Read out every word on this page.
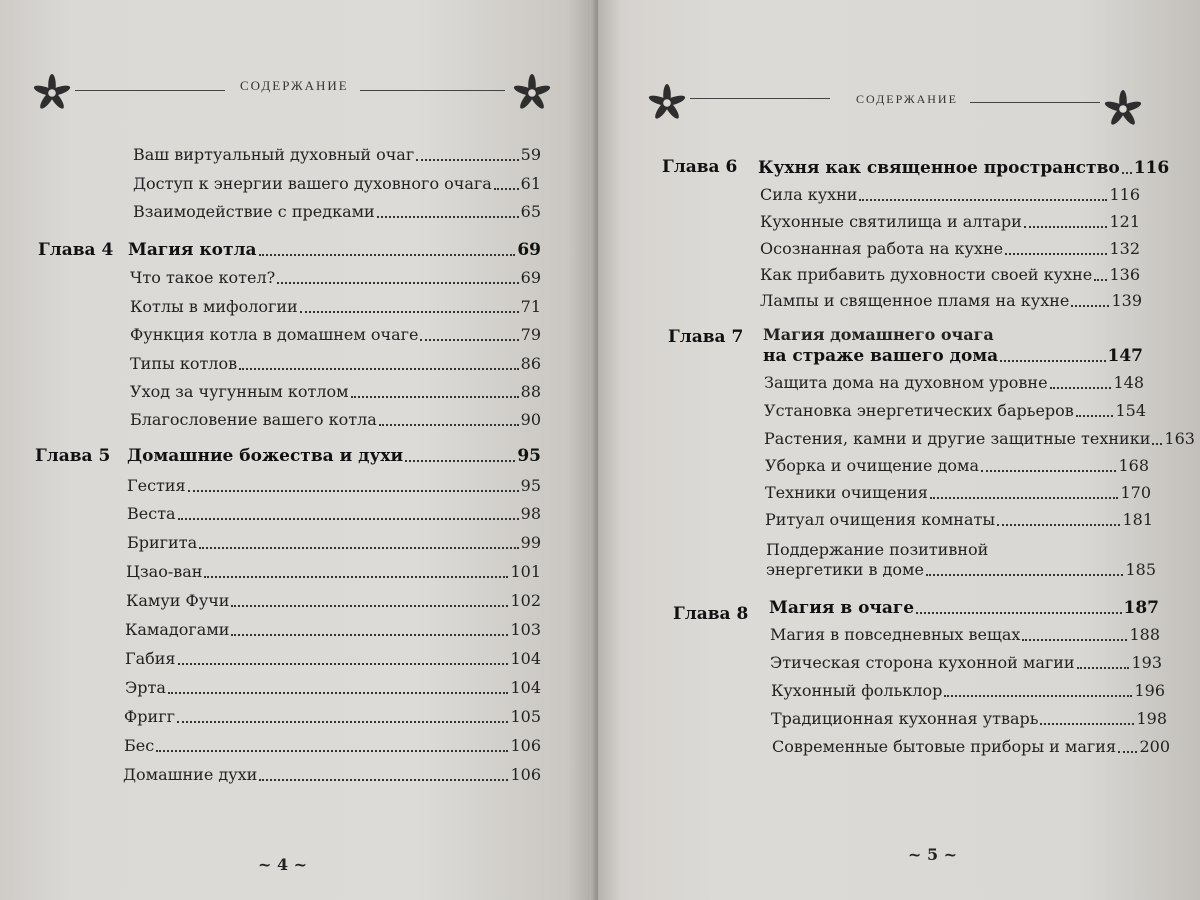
СОДЕРЖАНИЕ
Ваш виртуальный духовный очаг	59
Доступ к энергии вашего духовного очага 61
Взаимодействие с предками	65
Глава 4 Магия котла	69
Что такое котел?	69
Котлы в мифологии	71
Функция котла в домашнем очаге	79
Типы котлов	86
Уход за чугунным котлом	88
Благословение вашего котла	90
Глава 5 Домашние божества и духи	95
Гестия	95
Веста	98
Бригита	99
Цзао-ван	101
Камуи Фучи	102
Камадогами	103
Габия	104
Эрта	104
Фригг	105
Бес	106
Домашние духи	106
~ 4 ~
СОДЕРЖАНИЕ
Глава 6 Кухня как священное пространство 116
Сила кухни	116
Кухонные святилища и алтари	121
Осознанная работа на кухне	132
Как прибавить духовности своей кухне 136
Лампы и священное пламя на кухне	139
Глава 7 Магия домашнего очага
на страже вашего дома	147
Защита дома на духовном уровне	148
Установка энергетических барьеров	154
Растения, камни и другие защитные техники 163
Уборка и очищение дома	168
Техники очищения	170
Ритуал очищения комнаты	181
Поддержание позитивной
энергетики в доме	185
Глава 8 Магия в очаге	187
Магия в повседневных вещах	188
Этическая сторона кухонной магии	193
Кухонный фольклор	196
Традиционная кухонная утварь	198
Современные бытовые приборы и магия 200
~ 5 ~
